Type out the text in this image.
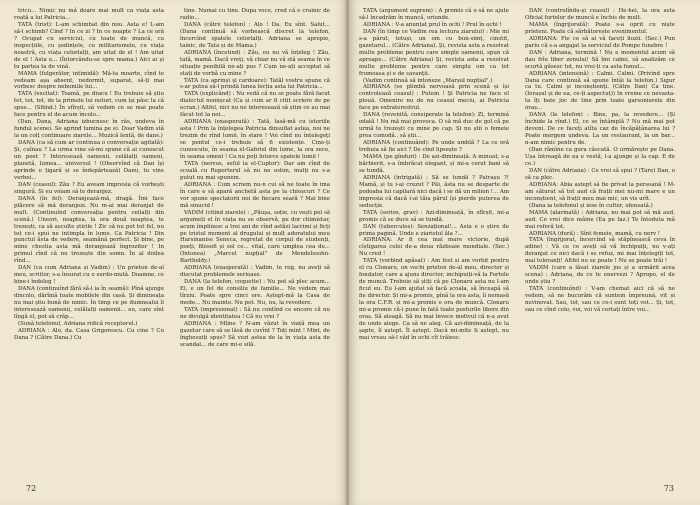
tricu... Nimic nu mă doare mai mult ca viața asta roată a lui Patricia...

TATA (trist): L-am schimbat din nou. Asta e! L-am să-l schimb? Cind ? In ce zi ? In ce noapte ? La ce oră ? Ocupat cu serviciul, cu toate de muncă, cu inspecțiile, cu ședințele, cu militarismele, cu viața noastră, cu viața celorlalți, am uitat de el ! Am uitat de el ! Asta e... (Întorcându-se spre mama.) Aici ai și tu partea ta de vină.

MAMA (fulgerător, intimidă): Mă-ta moarte, cînd te vedeam așa absent, nedormit, suparat, să-ți mai vorbesc despre nebuniile lui...

TATA (excitat): Toamă, pe dracu ! Eu trebuie să știu tot, tot, tot, de la primele lui noturi, cum își păsc la că spus... (Sfiind.) În sfîrșit, să vedem ce se mai poate face pentru el de-acum încolo...

(Dan, Dana, Adriana izbucnesc în râs, undeva în fundul scenei. Se aprind lumina pe ei. Doar Vadim stă la un colț continuare ziarele... Muzică lentă, de dans.)

DANA (ca să cum ar continua o conversație agitată): Și, cuînau ? La urma vine să-mi spune că ai cunoscut un poet ? Interesează oamenii, celălalți oameni, planetă, lumea... universul ! (Observînd că Dan își aprinde o țigară și se îndepărtează) Danu, tu vine verbei...

DAN (ceasul): Zău ? Eu aveam impresia că vorbești singură. Și eu voiam să te deranjez.

DANA (în fel): Deranjează-mă, dragă. Îmi face plăcere să mă deranjezi. Nu m-ai mai deranjat de mult. (Continuînd conversația pentru ceilalți din scenă.) Uneori, noaptea, la ora două noaptea, te trezești, ca să asculte știrile ! Zic să nu pot tot fel, nu tot ce-i spui ne intimpla în lume. Ca Patricia ! Din punctul ăsta de vedere, seamănă perfect. Și bine, pe mine chestia asta mă deranjează îngrozitor ! In primul rînd că nu trezește din somn. În al doilea rînd...

DAN (ca cum Adriana și Vadim) : Un prieten de-al meu, scriitor, s-a însurat cu o surdo-mută. Doamne, ce bine-i îndeleg !

DANA (continuînd fără să-l ia în seamă): Pînă ajunge dincolo, dărîmă toate mobilele din casă. Și dimineața nu mai știu bună de nimic. În timp ce pe dumnealui îl interesează oamenii, celălalți oamenii... eu, care sînt lîngă el, pot să crăp...

(Sună telefonul, Adriana ridică receptorul.)

ADRIANA : Alo, da. Casa Grigorescu. Cu cine ? Cu Dana ? (Către Dana.) Cu

tine. Numai cu tine. Dupa voce, cred că e crainic de radio...

DANA (către telefon) : Alo ! Da. Eu sînt. Salut... (Dana continuă să vorbească discret la telefon, încercînd spatele celorlalți. Adriana se apropie, tainic, de Tata și de Mama.)

ADRIANA (încetind) : Zău, eu nu vă înțeleg ! Zău, tată, mamă. Dacă vreți, vă chiar nu vă stă seama în ce situație penibilă ne-ați pus ? Cum ne-ați acceptat să stați de vorbă cu mine ?

TATA (ca aprinși și cardoare): Tatăl vostru spune că s-ar putea să-l prindă lunea lecția asta lui Patricia...

TATA (explicând) : Nu vedă că nu se poate fără facut dialectul nemișcat (Ca și cum ar fi citit scriere de pe ecran.) Altfel, nici nu ne interesează să știm ce au mai făcut tot la noi...

ADRIANA (exasperată) : Tată, lasă-mă cu istoriile asta ! Prin la înțelegea Patricia dinsuflat astea, noi ne trezim de rînd lumii, în stare ! Voi cînd nu înțelegeți se pentul ce-i trebuie să fi existențe. Cine-ți cunoscute, în seama el-Gabriel din lume, la ora zece, în seama omeni ! Ca nu poți întorce spatele lumii !

TATA (nervos, seful la el-Cuptor): Dar am cînd de scoală cu Reporterul să nu ne ostim, mulți nu s-a putut nu mai spunem.

ADRIANA : Cum scriem nu-n cui să ne toate în ima în care e să apară anchetă asta pe la chioșcuri ? Ce vor spune spectatorii noi de fiecare seară ? Mai bine mă sinucid !

VADIM (citind ziarele) : „Păuşa, soție, cu vești pol să argumeți el în viața nu se observă, pe dor chimistar, acum împlinesc a trei ani de cînd astăzi lacrimi și ficți pe tristul moment al drugului și mult adoratului meu Harsinanise Seneca, regretat de corpul de studenți, poeți, filosofi și sol ce... vital, care umplea cea de... (Intonea) „Marcel nupțial" de Mendelssohn-Bartholdy.)

ADRIANA (exasperată) : Vadim, te rog, nu aveți să discutat problemele serioase.

DANA (la telefon, coquette) : Nu pot să plec acum... El, e un fel de consiliu de familie... Ne vedem mai tîrziu. Poate spre cinci ore. Aștept-mă la Casa de mode... Nu inainte. Nu pot. Nu, nu, la revedere.

TATA (impresionat) : Să nu contînd ce encore că nu ne divulgă identitatea ! Că nu vrei ?

ADRIANA : Mîine ? N-am văzut în viață mea un gazetar care să se lăsă de cuvînt ? Toți mint ! Mint, de înghesuiți spus? Să vezi astea de la în viața asta de scandal... de care mi-e silă.

72

TATA (argument suprem) : A promis că o să ne ajute să-l încadrăm în muncă, oriunde.

ADRIANA : V-a anunțat prul în ochi ! Prul în ochi !

DAN (în timp ce Vadim rea lectura ziarului) : Mie mi s-a părut, totuși, un om cu bun-simț, cinstit, gazetarul... (Către Adriana). Și, revista asta a rezolvat multe probleme pentru care simple oamenii, spun că aproape... (Către Adriana) Și, revista asta a rezolvat multe probleme pentru care simplu om ca tot frumoasa și e de savanții.

(Vadim continuă să intoneze „Marșul nupțial".)

ADRIANA (se plimbă nervoasă prin scenă și își controlează ceasul) : Putem ! Și Patricia ne face el plouă. Omenire nu de nu ceasul meciu, ai Patricia face pe extraterestrul.

DANA (revenită, consiperate la telefon): Zi, terminã odată ! Nu mă mai provoca. O să mă duc de gol că pe urmă te trezești cu mine pe cap. Și nu știi o femeie prea comodă.. să știi...

ADRIANA (continuând): Pe unde umblă ? La ce oră trebuia să fie aici ? De cînd lipsește ?

MAMA (pe gînduri) : De azi-dimineață. A minuat, s-a bărbierit, s-a îmbrăcat elegant, și mi-a cerut bani să se tundă.

ADRIANA (intrigată) : Să se tundă ? Patrașu ?! Mamă, și tu i-ai crezut ? Păi, ăsta nu se desparte de podoaba lui capilară nici dacă i se dă un milion !... Am impresia că dacă i-ai tăia părul își pierde puterea de seducție.

TATA (serios, grav) : Azi-dimineață, în sfîrșit, mi-a promis că se duce să se tundă.

DAN (tuberculos): Senzațional!... Asta e o știre de prima pagină. Unde e ziaristul ăla ?...

ADRIANA: Ar fi cea mai mare victorie, după cîștigarea celei de-a doua războaie mondiale. (Sec.) Nu cred !

TATA (vorbind apăsat) : Am fost și am vorbit pentru el cu Clonaru, un vechi prieten de-al meu, director și fondator, care a ajuns director, inchipuiți-vă la Fortele de muncă. Trebuie să știți că pe Clonaru asta nu l-am ficut eu. Eu l-am ajutat să facă școala, să înceapă să fie director. Și mi-a promis, pînă la ora asta, îi nemasă la ora C.F.R. și mi-a promis o ora de muncă. Clonaru mi-a promis că-i pune în fată toate posturile libere din oraș. Să aleagă. Să nu mai învece motivul că n-a avut de unde alege. Ca să ne aleg. Că azi-dimineață, de la șapte, îl aștept. Îl aștept. Dacă mi-mite Ii aștept, nu mai vreau să-l văd în ochi cît trăiesc.

DAN (controlîndu-și ceasul) : He-hei, la ora asta Oficial fortelor de muncă e închis de mult.

MAMA (îngrijorată): Poate s-a oprit cu niște prieteni. Poate că sărbătorește evenimentul.

ADRIANA: Fie ce să ai vă faceți iluzii. (Sec.) Pun pariu că s-a angajat la serviciul de Pompe funebre !

DAN : Adriana, termină ! Nu e momentul acum să dau frîu liber zenului! Să îmi calmi, să analizăm ce scurtă găsesc tot, nu vrei-ți ca asta fumul...

ADRIANA (intensină) : Calmi. Calmi. (Privind spre Dana care continuă să spune întâi la telefon.) Sigur ca tu. Calmi și inconștienți. (Către Dan) Ca tine. (Ierașul și de ea, ce-ți aspectuț)) In vreme ce nevasta-ta îți bate joc de tine prin toate garsonierele din oraș...

DANA (la telefon) : Bine, pa, la revedere... (Și închide la rînd.) El, ce se întâmplă ? Nu mă mai pot deveni. De ce faceți atîta caz de încăpățânarea lui ? Poate mergem undeva. La un restaurant, la un bar... n-am nimic pentru de.

(Dan rămîne ca gura căscată. O urmărește pe Dana. Ușa întreagă de ea e vestă, l-a ajunge și la cap. E de ce.)

DAN (către Adriana) : Ce vrei să spui ? (Tare) Dan, o să ca plec.

ADRIANA: Abia aștept să fie privat la persoană ! M-am săturat să tot aud că frații mei nu-mi mare e un inconștient, să frații meu mai mic, un vis urît.

(Dana ia telefonul și iese în cultur, ofensată.)

MAMA (alarmată) : Adriana, nu mai pot să mă aud, aud. Ce vrei dice mâine (Ea pe faz.) Te întoduta mă mai referă tot.

ADRIANA (dură) : Sînt femeie, mamă, cu nerv !

TATA (îngrijorat, încercînd să stăpînească ceva în adine) : Vă ce ce aveți să vă închipuiți, nu v-ați deranjat ce nici dacă i se refuz, mi mai înțelegiți tot, mai toleranți! Altfel nu se poate ! Nu se poate trăi !

VADIM (care a lăsat ziarele jos și a urmărit acea scena) : Adriana, de ce te enervezi ? Apropo, el de unde știu ?

TATA (continuînd) : V-am chemat aici că să ne vedem, să ne bucurăm că suntem împreună, vit și nevinovat. Sau, tot, sau ce ce-i sunt toți vot... Și, tot, sau ce cînd colo, voi, voi vă certați între voi...

73
